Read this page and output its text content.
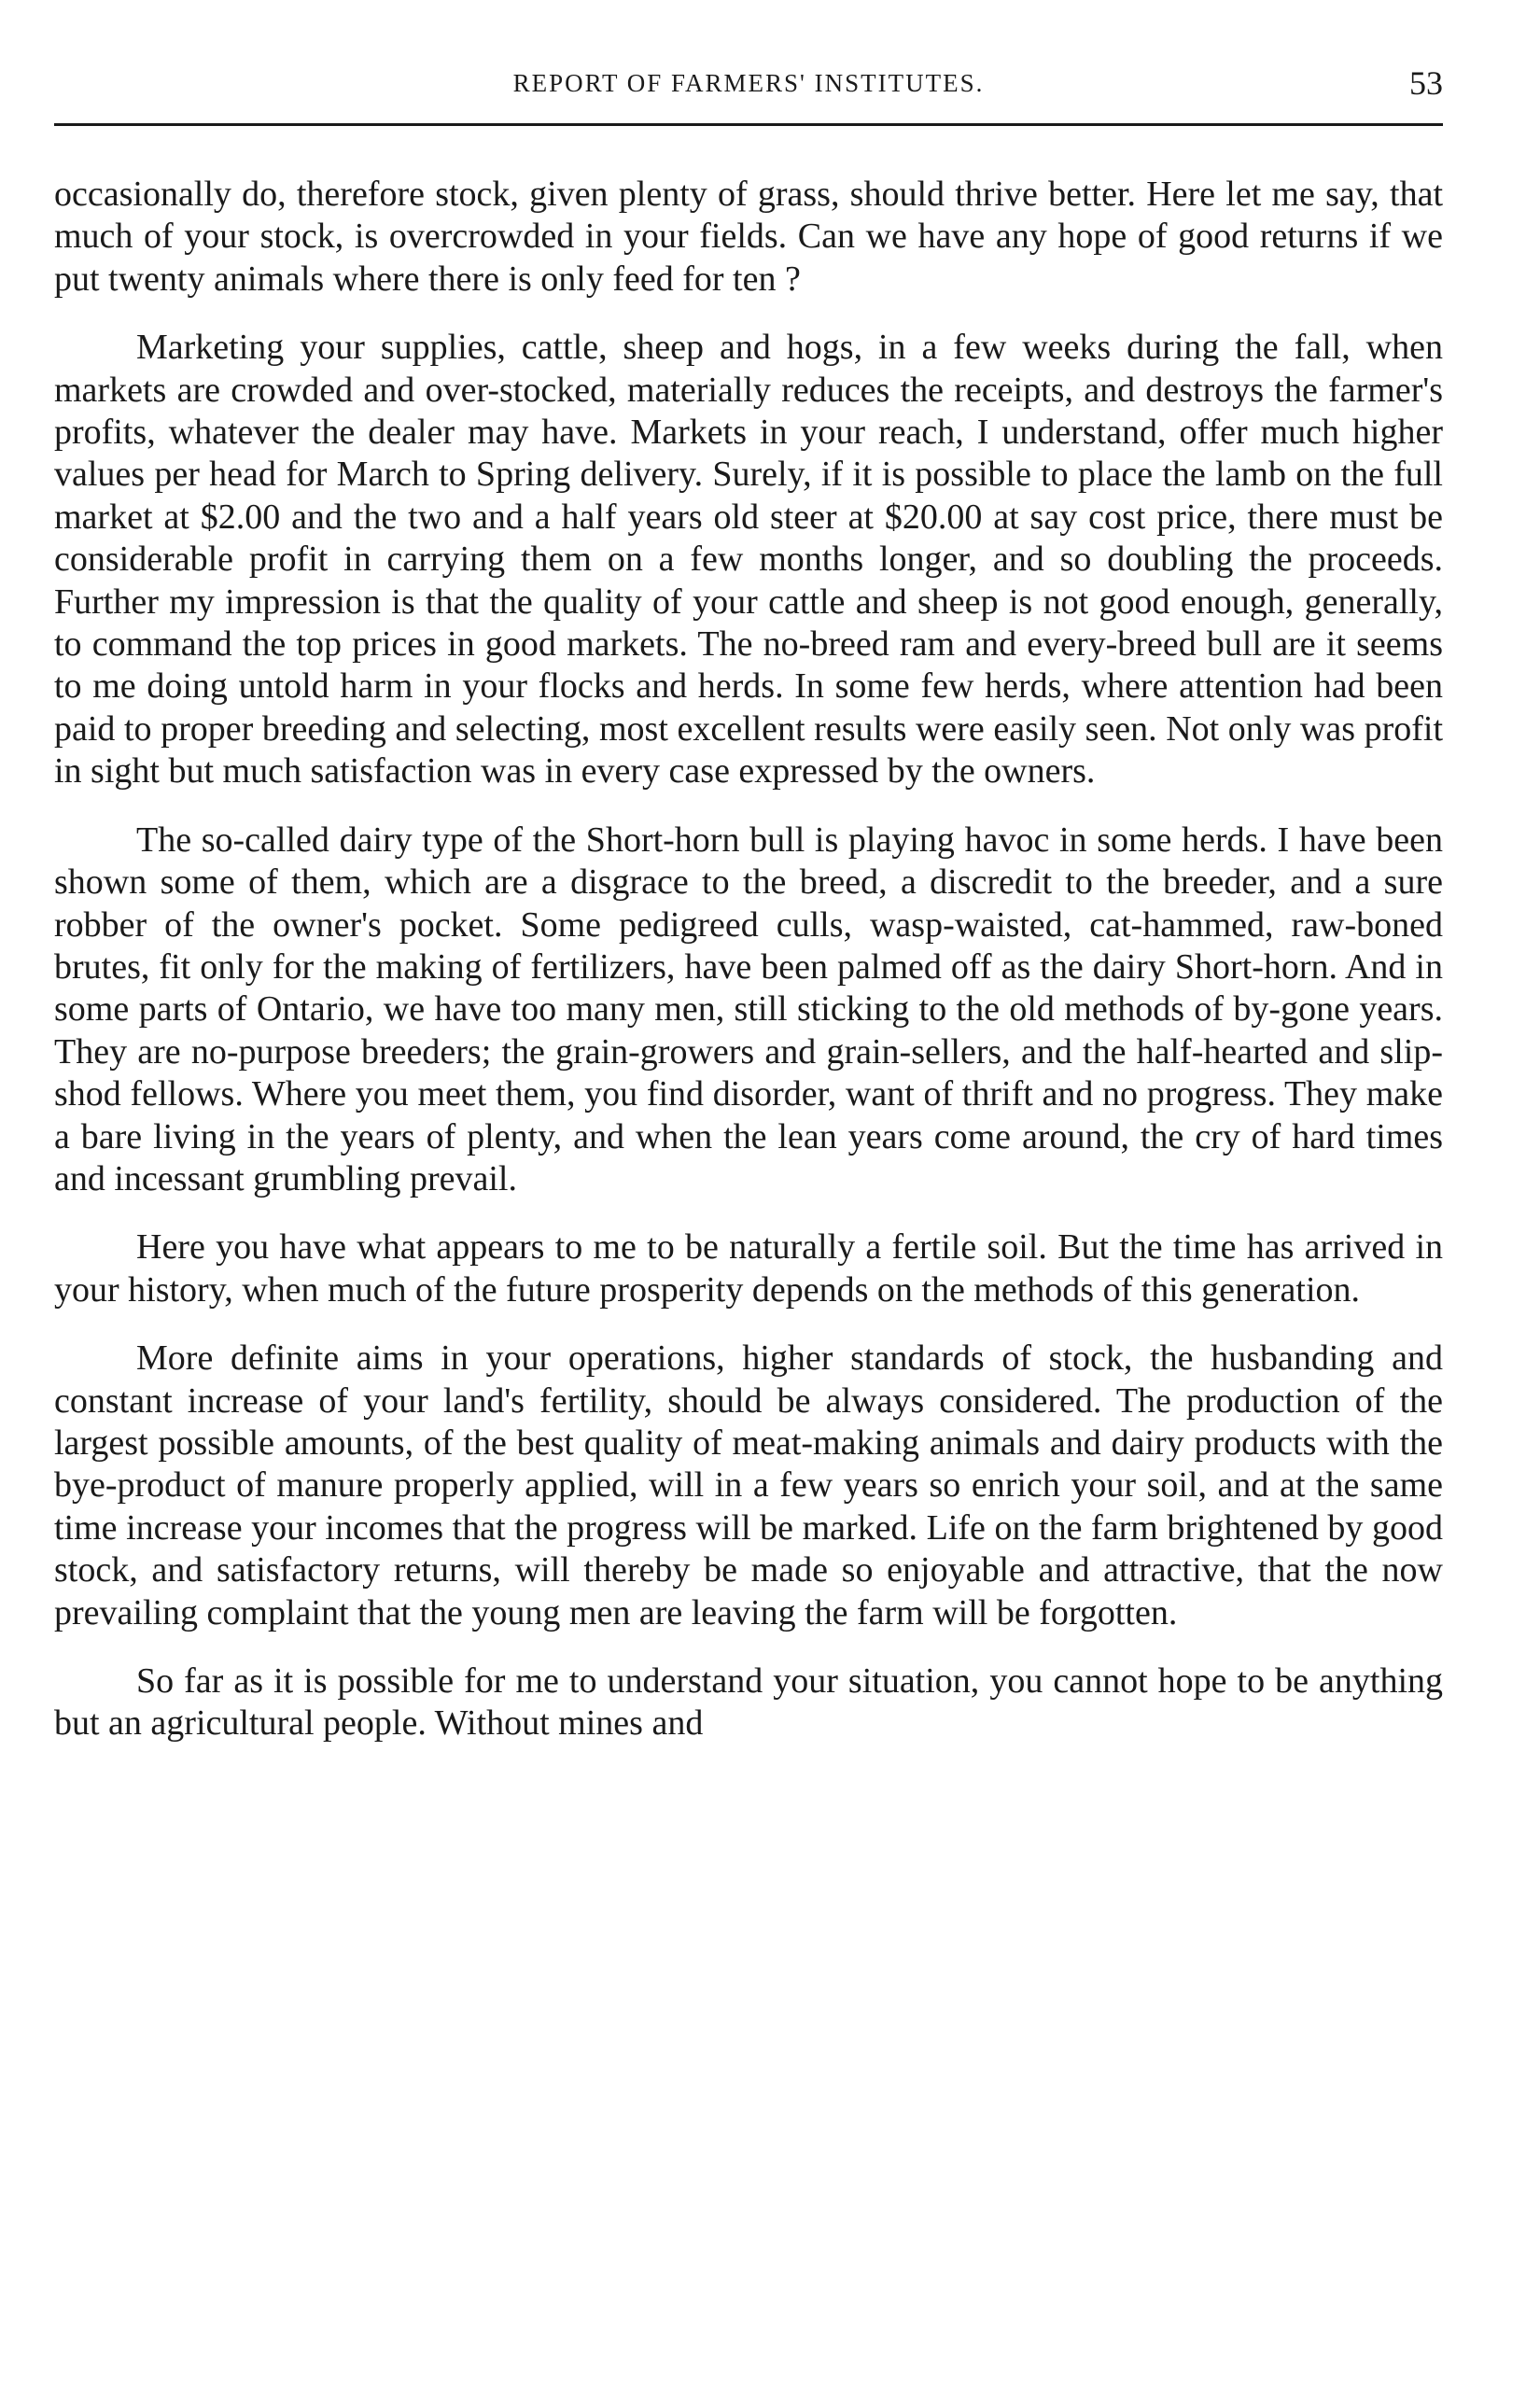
REPORT OF FARMERS' INSTITUTES.	53

occasionally do, therefore stock, given plenty of grass, should thrive better. Here let me say, that much of your stock, is overcrowded in your fields. Can we have any hope of good returns if we put twenty animals where there is only feed for ten ?

Marketing your supplies, cattle, sheep and hogs, in a few weeks during the fall, when markets are crowded and over-stocked, materially reduces the receipts, and destroys the farmer's profits, whatever the dealer may have. Markets in your reach, I understand, offer much higher values per head for March to Spring delivery. Surely, if it is possible to place the lamb on the full market at $2.00 and the two and a half years old steer at $20.00 at say cost price, there must be considerable profit in carrying them on a few months longer, and so doubling the proceeds. Further my impression is that the quality of your cattle and sheep is not good enough, generally, to command the top prices in good markets. The no-breed ram and every-breed bull are it seems to me doing untold harm in your flocks and herds. In some few herds, where attention had been paid to proper breeding and selecting, most excellent results were easily seen. Not only was profit in sight but much satisfaction was in every case expressed by the owners.

The so-called dairy type of the Short-horn bull is playing havoc in some herds. I have been shown some of them, which are a disgrace to the breed, a discredit to the breeder, and a sure robber of the owner's pocket. Some pedigreed culls, wasp-waisted, cat-hammed, raw-boned brutes, fit only for the making of fertilizers, have been palmed off as the dairy Short-horn. And in some parts of Ontario, we have too many men, still sticking to the old methods of by-gone years. They are no-purpose breeders; the grain-growers and grain-sellers, and the half-hearted and slip-shod fellows. Where you meet them, you find disorder, want of thrift and no progress. They make a bare living in the years of plenty, and when the lean years come around, the cry of hard times and incessant grumbling prevail.

Here you have what appears to me to be naturally a fertile soil. But the time has arrived in your history, when much of the future prosperity depends on the methods of this generation.

More definite aims in your operations, higher standards of stock, the husbanding and constant increase of your land's fertility, should be always considered. The production of the largest possible amounts, of the best quality of meat-making animals and dairy products with the bye-product of manure properly applied, will in a few years so enrich your soil, and at the same time increase your incomes that the progress will be marked. Life on the farm brightened by good stock, and satisfactory returns, will thereby be made so enjoyable and attractive, that the now prevailing complaint that the young men are leaving the farm will be forgotten.

So far as it is possible for me to understand your situation, you cannot hope to be anything but an agricultural people. Without mines and
